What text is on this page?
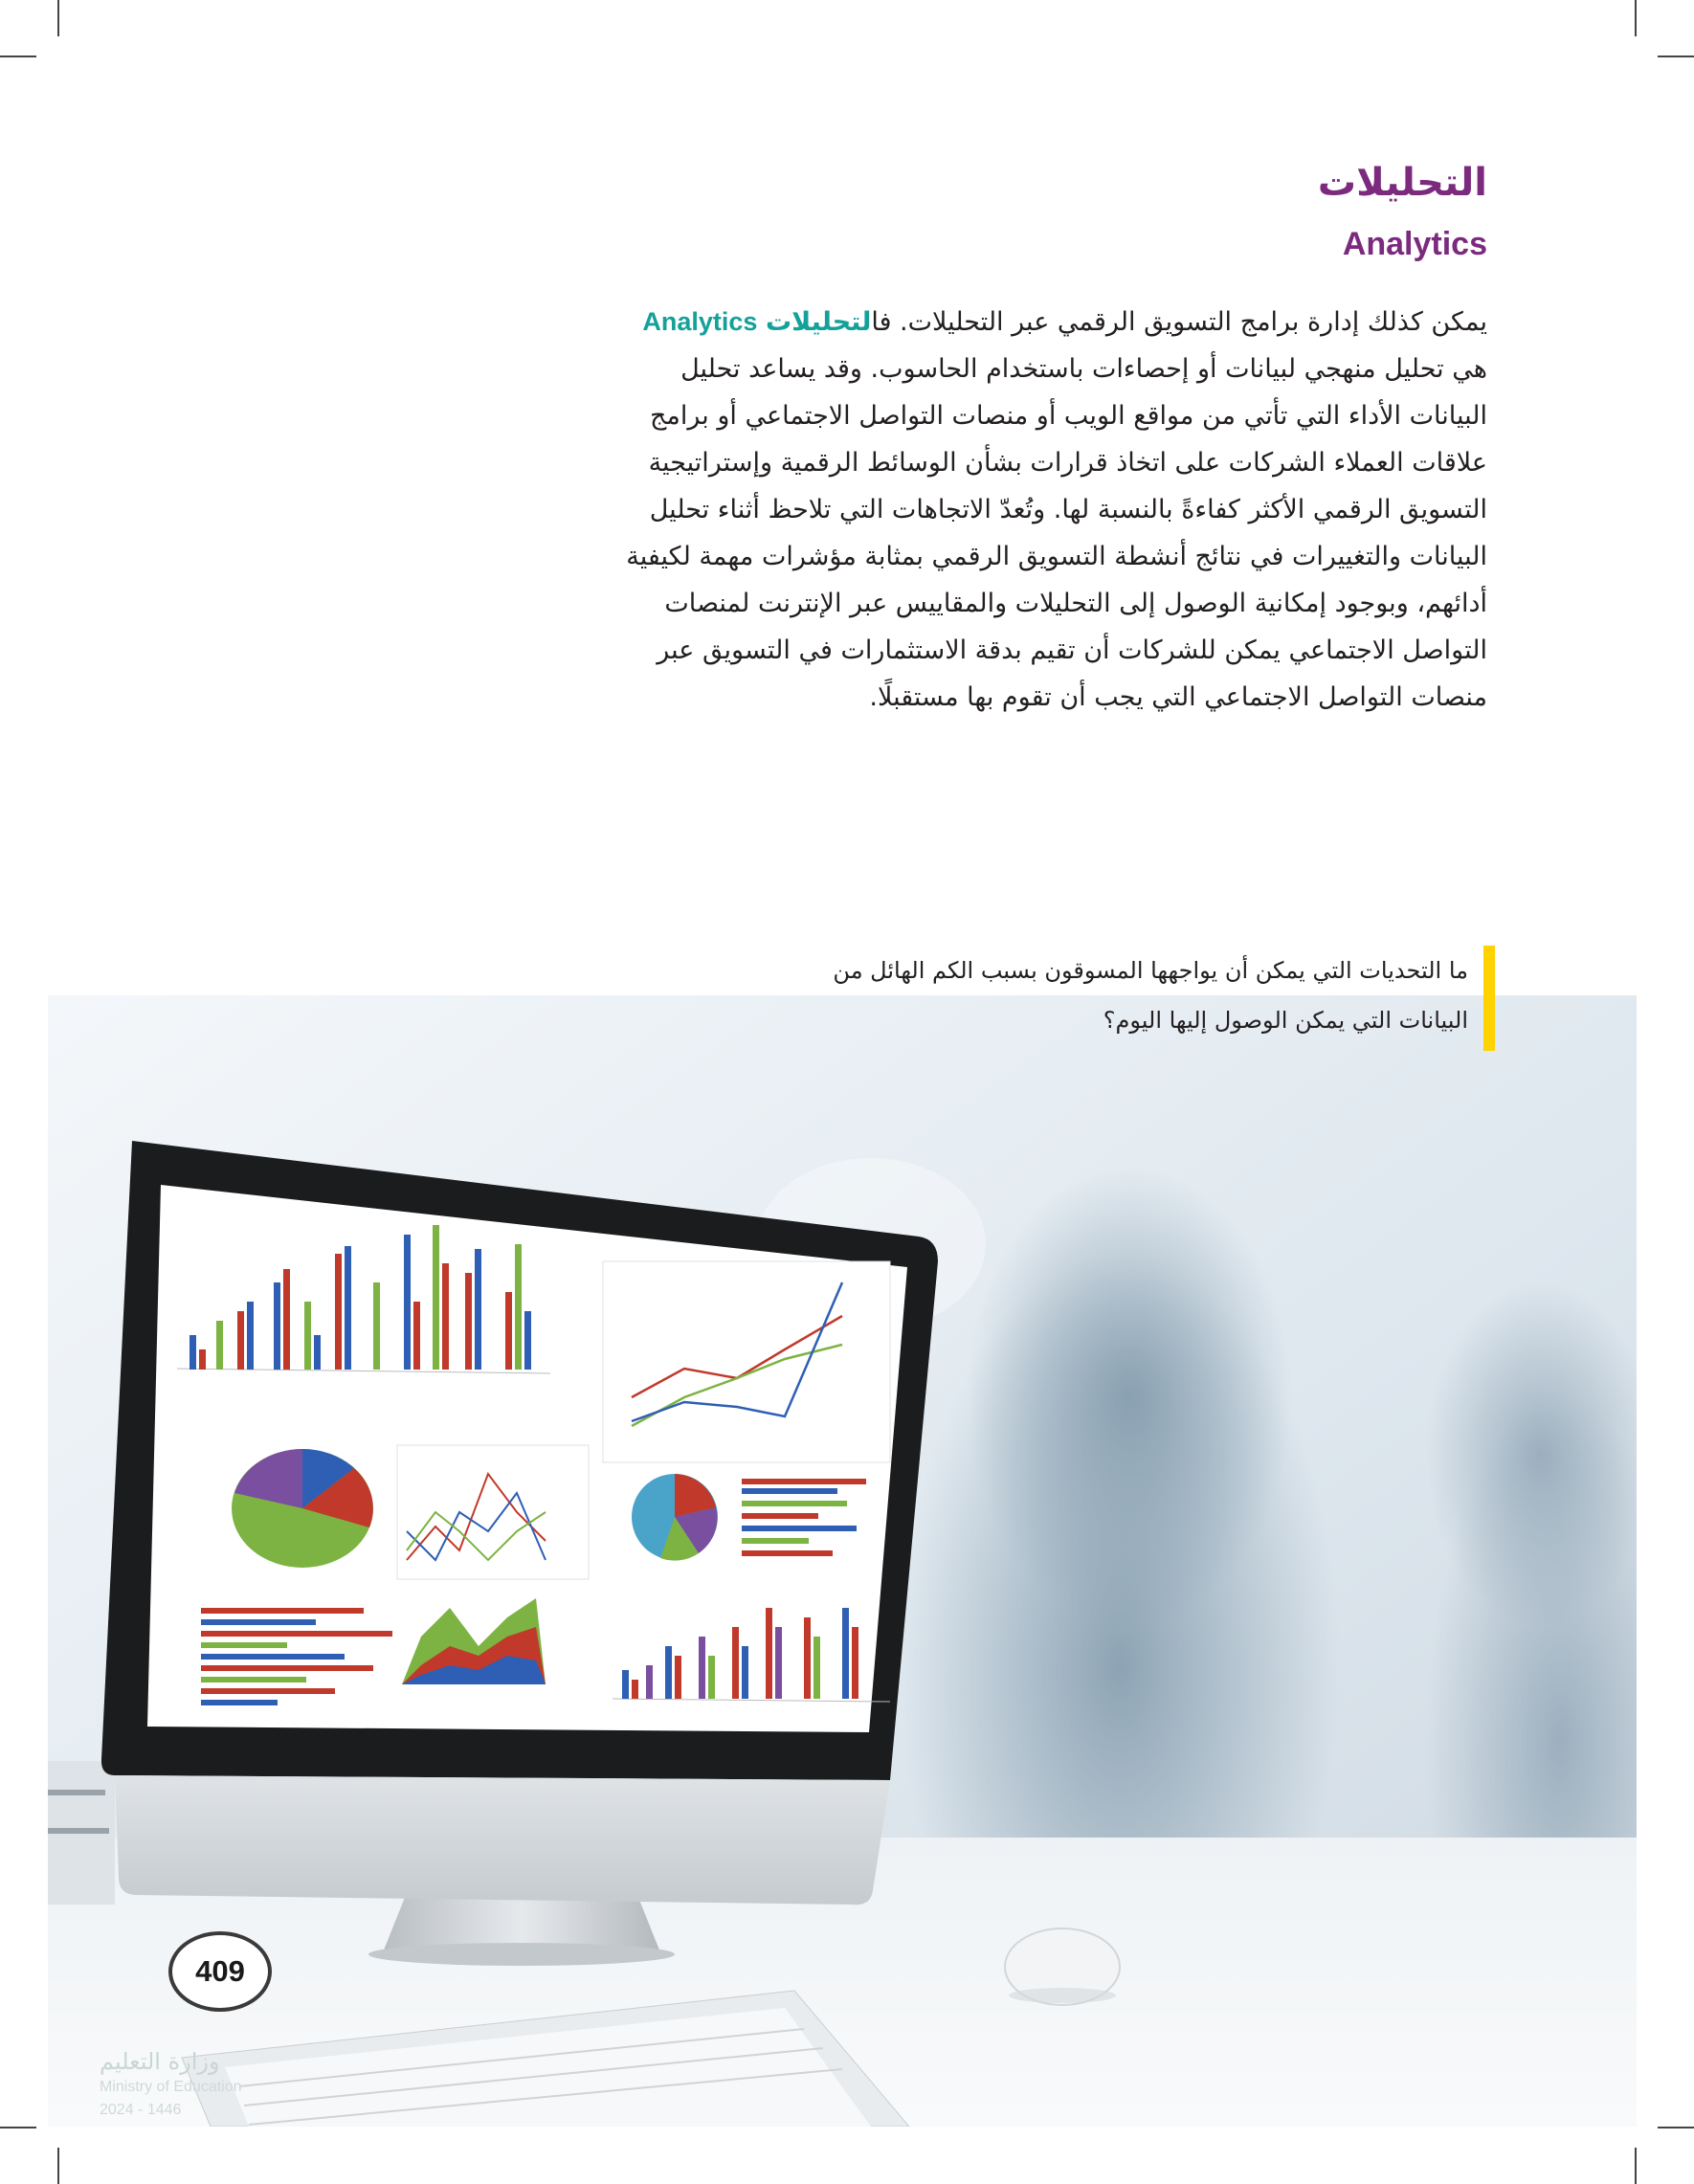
التحليلات
Analytics
يمكن كذلك إدارة برامج التسويق الرقمي عبر التحليلات. فالتحليلات Analytics
هي تحليل منهجي لبيانات أو إحصاءات باستخدام الحاسوب. وقد يساعد تحليل
البيانات الأداء التي تأتي من مواقع الويب أو منصات التواصل الاجتماعي أو برامج
علاقات العملاء الشركات على اتخاذ قرارات بشأن الوسائط الرقمية وإستراتيجية
التسويق الرقمي الأكثر كفاءةً بالنسبة لها. وتُعدّ الاتجاهات التي تلاحظ أثناء تحليل
البيانات والتغييرات في نتائج أنشطة التسويق الرقمي بمثابة مؤشرات مهمة لكيفية
أدائهم، وبوجود إمكانية الوصول إلى التحليلات والمقاييس عبر الإنترنت لمنصات
التواصل الاجتماعي يمكن للشركات أن تقيم بدقة الاستثمارات في التسويق عبر
منصات التواصل الاجتماعي التي يجب أن تقوم بها مستقبلًا.
ما التحديات التي يمكن أن يواجهها المسوقون بسبب الكم الهائل من
البيانات التي يمكن الوصول إليها اليوم؟
409
وزارة التعليم
Ministry of Education
2024 - 1446
